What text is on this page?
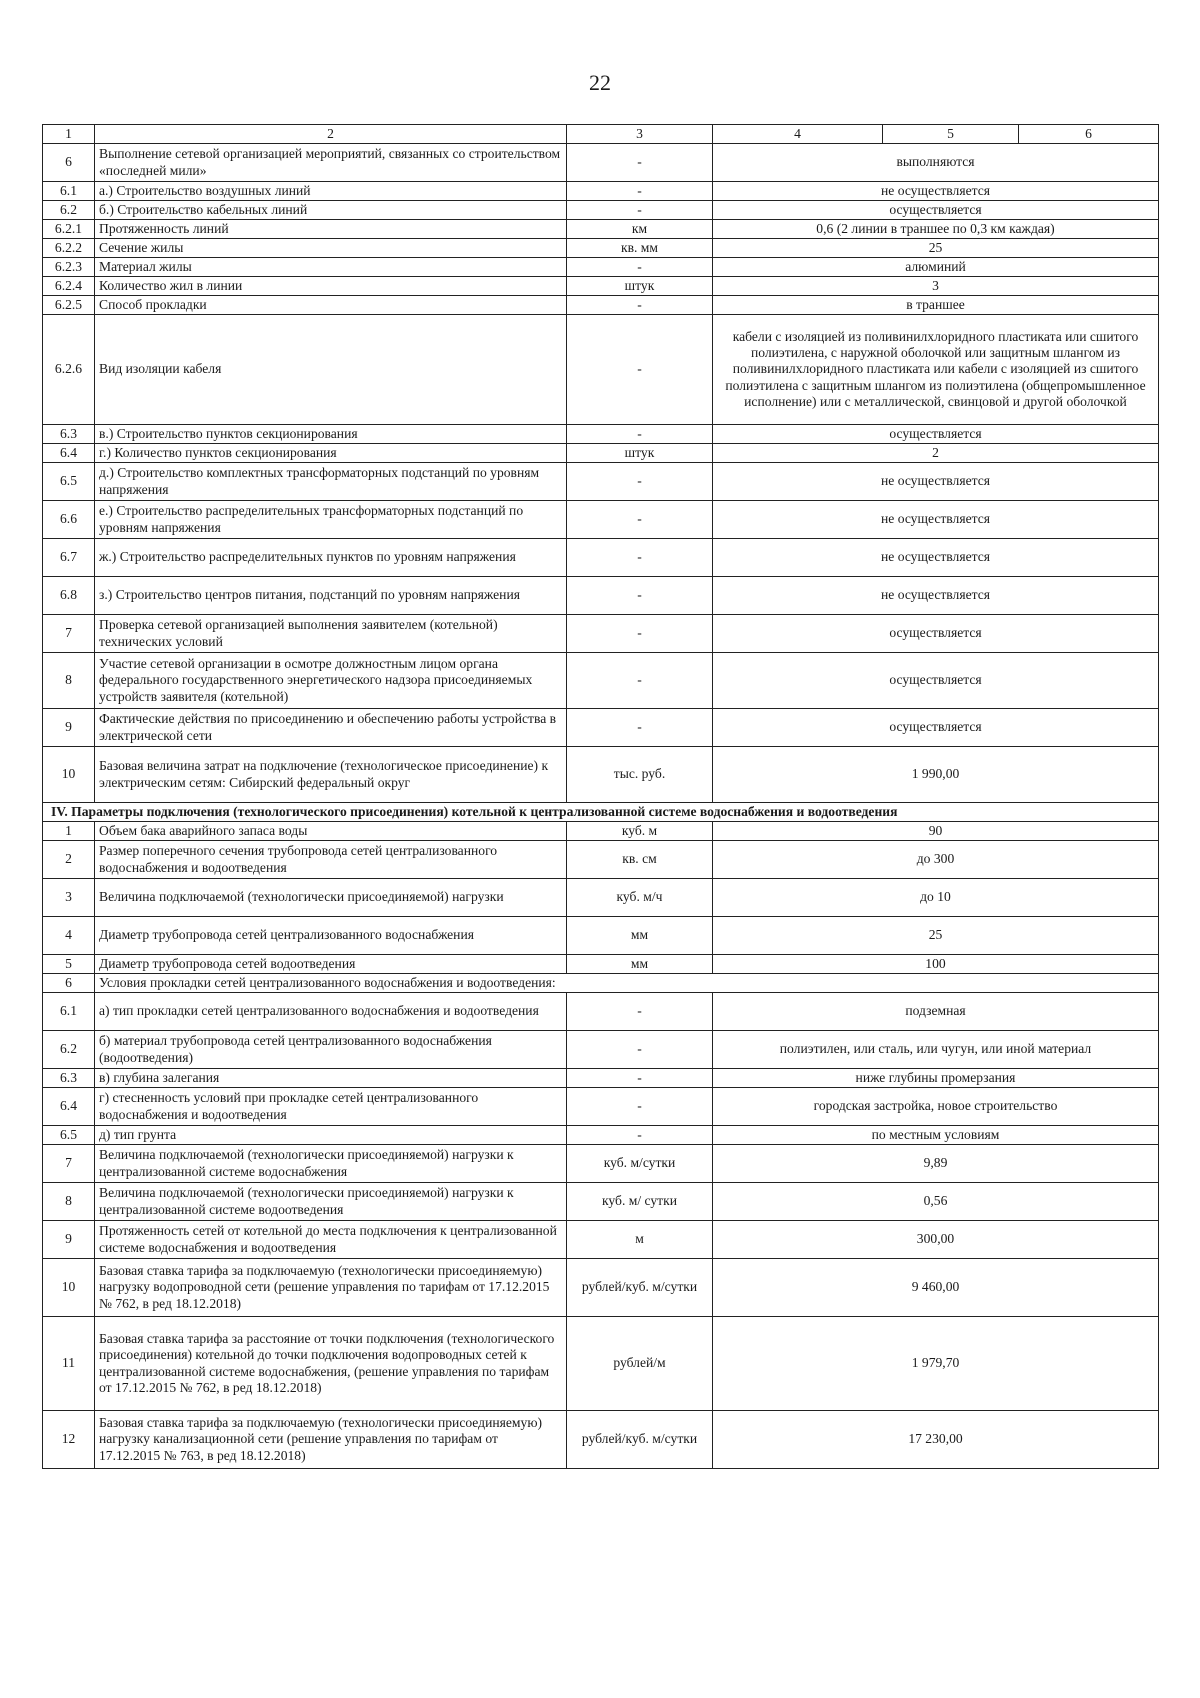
22
1	2	3	4	5	6
6	Выполнение сетевой организацией мероприятий, связанных со строительством «последней мили»	-	выполняются		
6.1	а.) Строительство воздушных линий	-	не осуществляется		
6.2	б.) Строительство кабельных линий	-	осуществляется		
6.2.1	Протяженность линий	км	0,6 (2 линии в траншее по 0,3 км каждая)		
6.2.2	Сечение жилы	кв. мм	25		
6.2.3	Материал жилы	-	алюминий		
6.2.4	Количество жил в линии	штук	3		
6.2.5	Способ прокладки	-	в траншее		
6.2.6	Вид изоляции кабеля	-	кабели с изоляцией из поливинилхлоридного пластиката или сшитого полиэтилена, с наружной оболочкой или защитным шлангом из поливинилхлоридного пластиката или кабели с изоляцией из сшитого полиэтилена с защитным шлангом из полиэтилена (общепромышленное исполнение) или с металлической, свинцовой и другой оболочкой		
6.3	в.) Строительство пунктов секционирования	-	осуществляется		
6.4	г.) Количество пунктов секционирования	штук	2		
6.5	д.) Строительство комплектных трансформаторных подстанций по уровням напряжения	-	не осуществляется		
6.6	е.) Строительство распределительных трансформаторных подстанций по уровням напряжения	-	не осуществляется		
6.7	ж.) Строительство распределительных пунктов по уровням напряжения	-	не осуществляется		
6.8	з.) Строительство центров питания, подстанций по уровням напряжения	-	не осуществляется		
7	Проверка сетевой организацией выполнения заявителем (котельной) технических условий	-	осуществляется		
8	Участие сетевой организации в осмотре должностным лицом органа федерального государственного энергетического надзора присоединяемых устройств заявителя (котельной)	-	осуществляется		
9	Фактические действия по присоединению и обеспечению работы устройства в электрической сети	-	осуществляется		
10	Базовая величина затрат на подключение (технологическое присоединение) к электрическим сетям: Сибирский федеральный округ	тыс. руб.	1 990,00		
IV. Параметры подключения (технологического присоединения) котельной к централизованной системе водоснабжения и водоотведения					
1	Объем бака аварийного запаса воды	куб. м	90		
2	Размер поперечного сечения трубопровода сетей централизованного водоснабжения и водоотведения	кв. см	до 300		
3	Величина подключаемой (технологически присоединяемой) нагрузки	куб. м/ч	до 10		
4	Диаметр трубопровода сетей централизованного водоснабжения	мм	25		
5	Диаметр трубопровода сетей водоотведения	мм	100		
6	Условия прокладки сетей централизованного водоснабжения и водоотведения:				
6.1	а) тип прокладки сетей централизованного водоснабжения и водоотведения	-	подземная		
6.2	б) материал трубопровода сетей централизованного водоснабжения (водоотведения)	-	полиэтилен, или сталь, или чугун, или иной материал		
6.3	в) глубина залегания	-	ниже глубины промерзания		
6.4	г) стесненность условий при прокладке сетей централизованного водоснабжения и водоотведения	-	городская застройка, новое строительство		
6.5	д) тип грунта	-	по местным условиям		
7	Величина подключаемой (технологически присоединяемой) нагрузки к централизованной системе водоснабжения	куб. м/сутки	9,89		
8	Величина подключаемой (технологически присоединяемой) нагрузки к централизованной системе водоотведения	куб. м/ сутки	0,56		
9	Протяженность сетей от котельной до места подключения к централизованной системе водоснабжения и водоотведения	м	300,00		
10	Базовая ставка тарифа за подключаемую (технологически присоединяемую) нагрузку водопроводной сети (решение управления по тарифам от 17.12.2015 № 762, в ред 18.12.2018)	рублей/куб. м/сутки	9 460,00		
11	Базовая ставка тарифа за расстояние от точки подключения (технологического присоединения) котельной до точки подключения водопроводных сетей к централизованной системе водоснабжения, (решение управления по тарифам от 17.12.2015 № 762, в ред 18.12.2018)	рублей/м	1 979,70		
12	Базовая ставка тарифа за подключаемую (технологически присоединяемую) нагрузку канализационной сети (решение управления по тарифам от 17.12.2015 № 763, в ред 18.12.2018)	рублей/куб. м/сутки	17 230,00		
